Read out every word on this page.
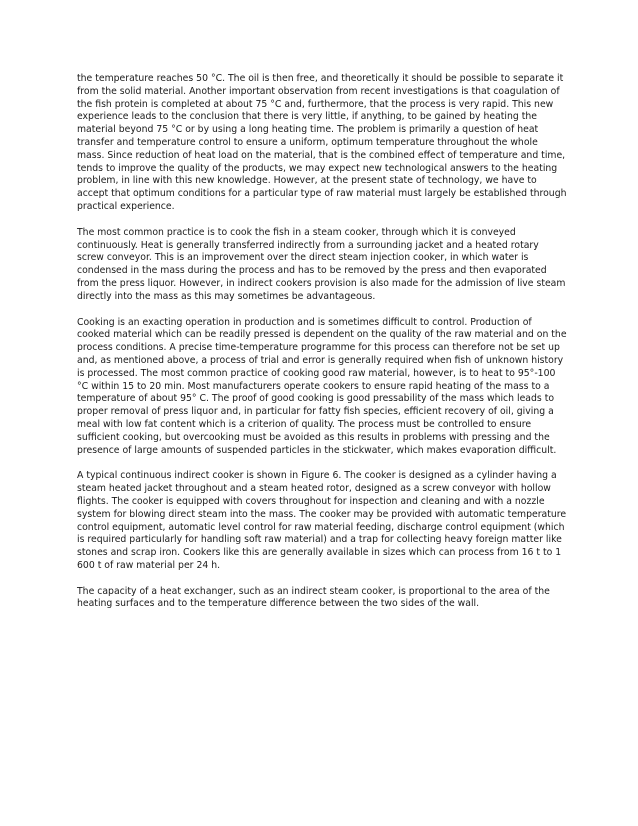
the temperature reaches 50 °C. The oil is then free, and theoretically it should be possible to separate it from the solid material. Another important observation from recent investigations is that coagulation of the fish protein is completed at about 75 °C and, furthermore, that the process is very rapid. This new experience leads to the conclusion that there is very little, if anything, to be gained by heating the material beyond 75 °C or by using a long heating time. The problem is primarily a question of heat transfer and temperature control to ensure a uniform, optimum temperature throughout the whole mass. Since reduction of heat load on the material, that is the combined effect of temperature and time, tends to improve the quality of the products, we may expect new technological answers to the heating problem, in line with this new knowledge. However, at the present state of technology, we have to accept that optimum conditions for a particular type of raw material must largely be established through practical experience.

The most common practice is to cook the fish in a steam cooker, through which it is conveyed continuously. Heat is generally transferred indirectly from a surrounding jacket and a heated rotary screw conveyor. This is an improvement over the direct steam injection cooker, in which water is condensed in the mass during the process and has to be removed by the press and then evaporated from the press liquor. However, in indirect cookers provision is also made for the admission of live steam directly into the mass as this may sometimes be advantageous.

Cooking is an exacting operation in production and is sometimes difficult to control. Production of cooked material which can be readily pressed is dependent on the quality of the raw material and on the process conditions. A precise time-temperature programme for this process can therefore not be set up and, as mentioned above, a process of trial and error is generally required when fish of unknown history is processed. The most common practice of cooking good raw material, however, is to heat to 95°-100 °C within 15 to 20 min. Most manufacturers operate cookers to ensure rapid heating of the mass to a temperature of about 95° C. The proof of good cooking is good pressability of the mass which leads to proper removal of press liquor and, in particular for fatty fish species, efficient recovery of oil, giving a meal with low fat content which is a criterion of quality. The process must be controlled to ensure sufficient cooking, but overcooking must be avoided as this results in problems with pressing and the presence of large amounts of suspended particles in the stickwater, which makes evaporation difficult.

A typical continuous indirect cooker is shown in Figure 6. The cooker is designed as a cylinder having a steam heated jacket throughout and a steam heated rotor, designed as a screw conveyor with hollow flights. The cooker is equipped with covers throughout for inspection and cleaning and with a nozzle system for blowing direct steam into the mass. The cooker may be provided with automatic temperature control equipment, automatic level control for raw material feeding, discharge control equipment (which is required particularly for handling soft raw material) and a trap for collecting heavy foreign matter like stones and scrap iron. Cookers like this are generally available in sizes which can process from 16 t to 1 600 t of raw material per 24 h.

The capacity of a heat exchanger, such as an indirect steam cooker, is proportional to the area of the heating surfaces and to the temperature difference between the two sides of the wall.
